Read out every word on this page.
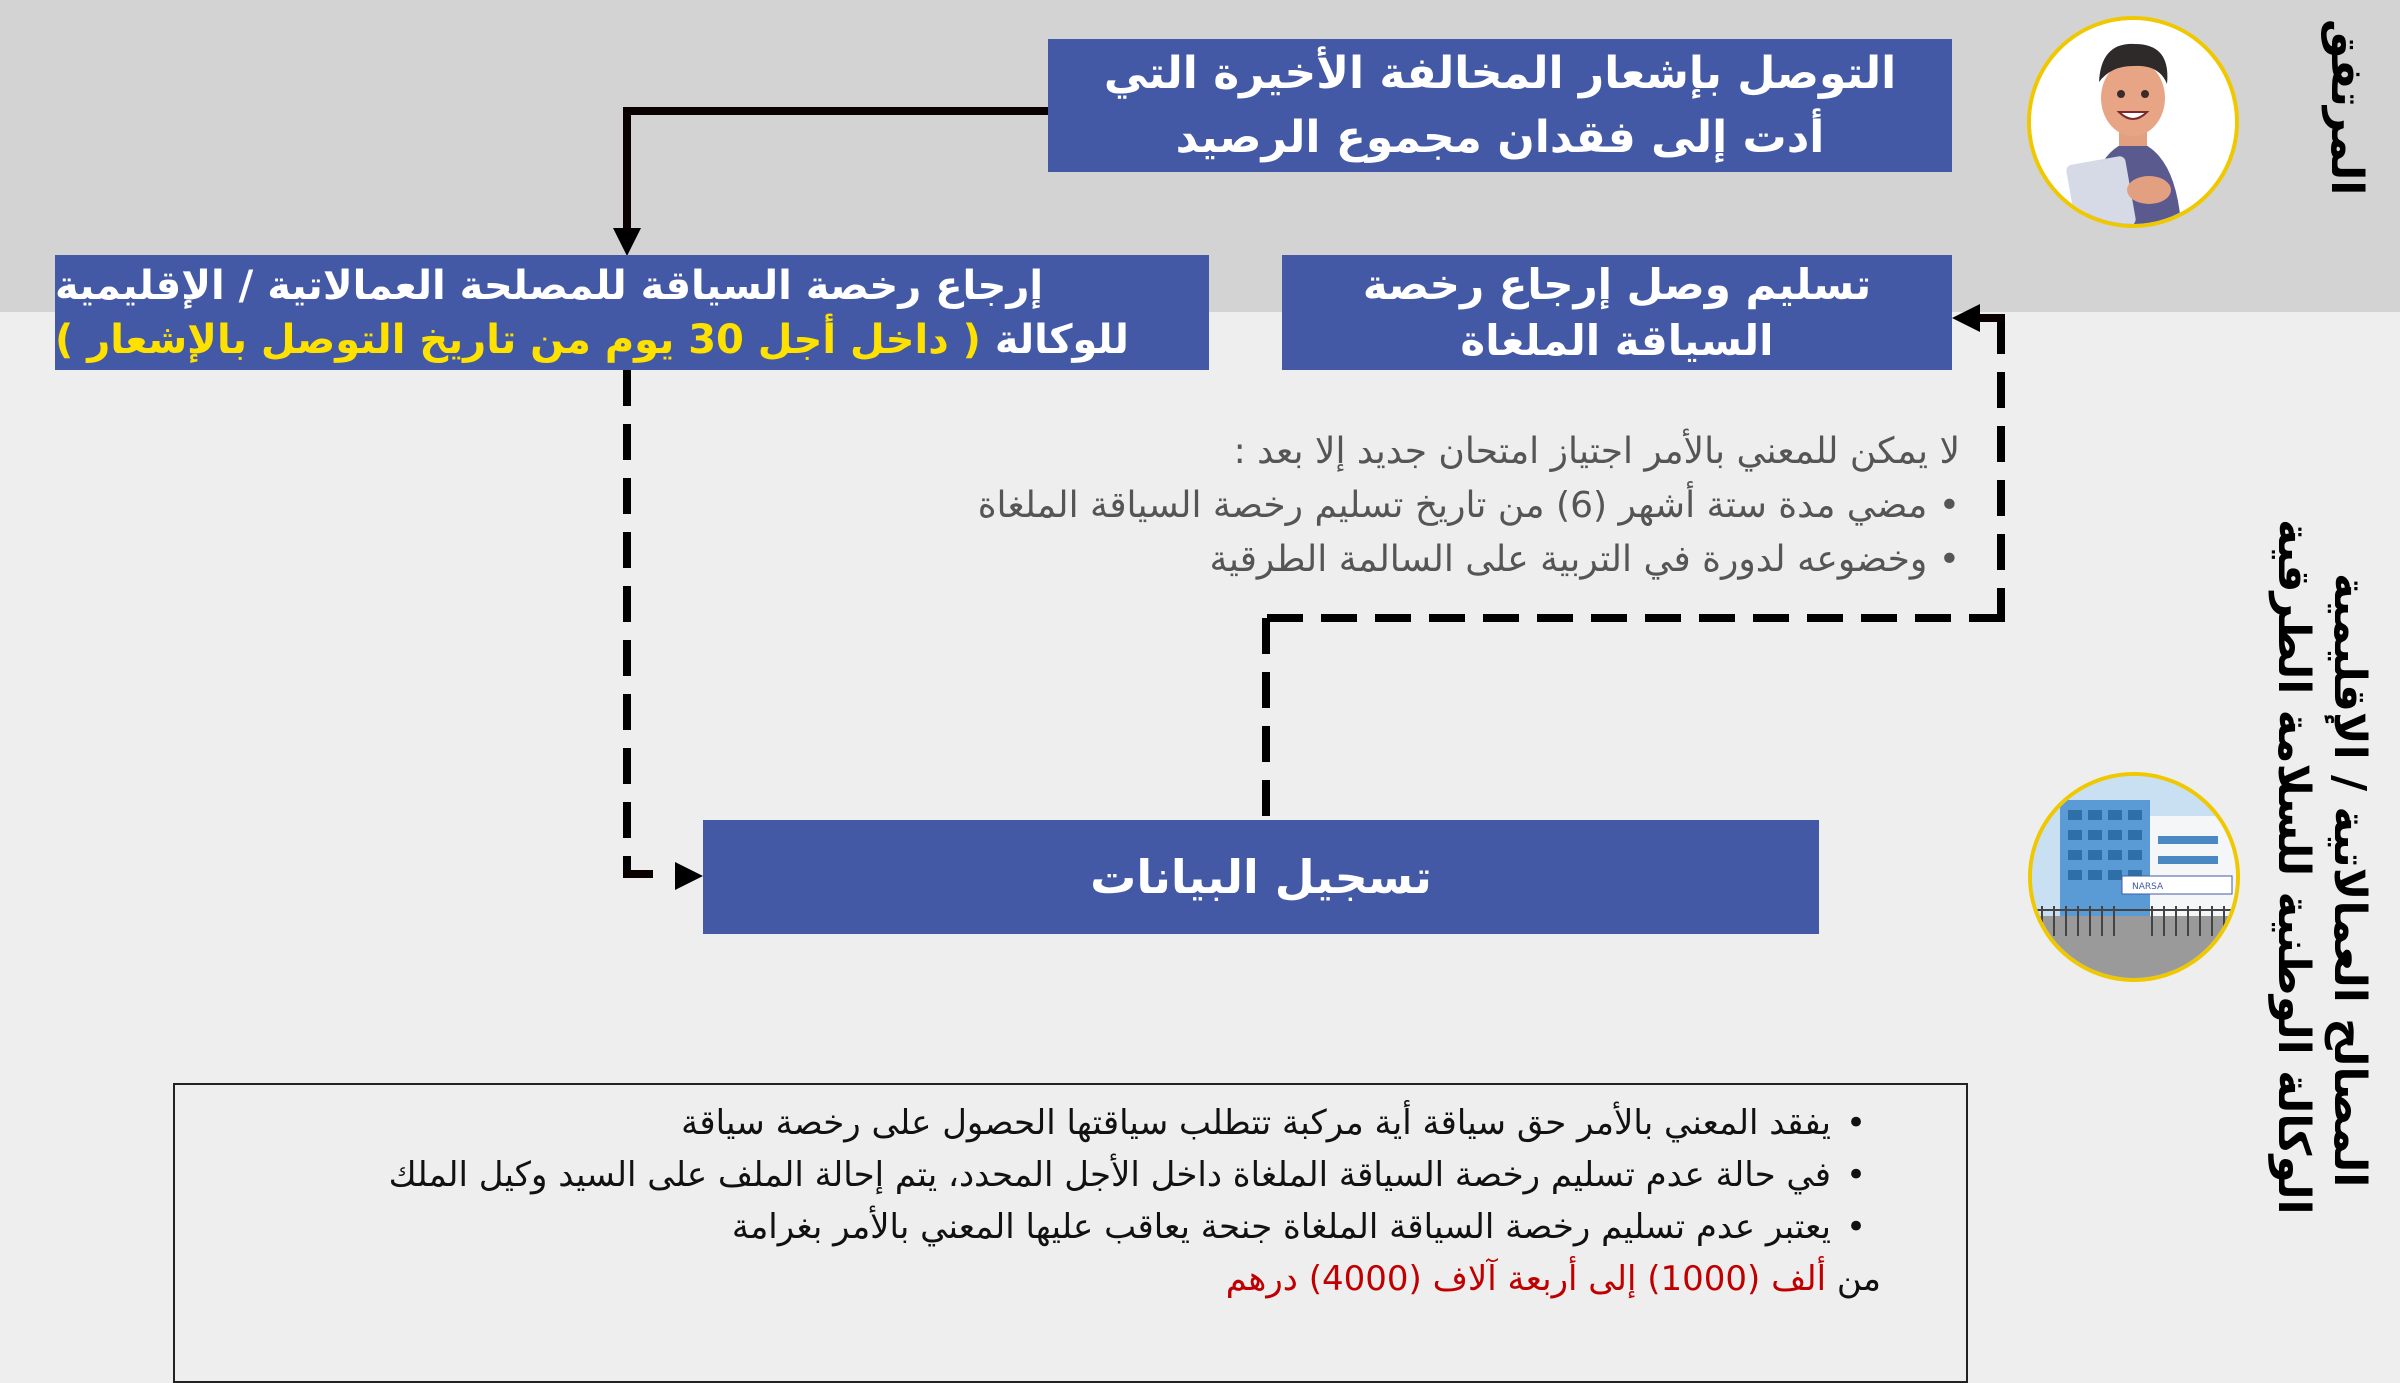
التوصل بإشعار المخالفة الأخيرة التي
أدت إلى فقدان مجموع الرصيد
إرجاع رخصة السياقة للمصلحة العمالاتية / الإقليمية
للوكالة ( داخل أجل 30 يوم من تاريخ التوصل بالإشعار )
تسليم وصل إرجاع رخصة
السياقة الملغاة
تسجيل البيانات
لا يمكن للمعني بالأمر اجتياز امتحان جديد إلا بعد :
• مضي مدة ستة أشهر (6) من تاريخ تسليم رخصة السياقة الملغاة
• وخضوعه لدورة في التربية على السالمة الطرقية
•يفقد المعني بالأمر حق سياقة أية مركبة تتطلب سياقتها الحصول على رخصة سياقة
•في حالة عدم تسليم رخصة السياقة الملغاة داخل الأجل المحدد، يتم إحالة الملف على السيد وكيل الملك
•يعتبر عدم تسليم رخصة السياقة الملغاة جنحة يعاقب عليها المعني بالأمر بغرامة
من ألف (1000) إلى أربعة آلاف (4000) درهم
المرتفق
NARSA	المصالح العمالاتية / الإقليمية
الوكالة الوطنية للسلامة الطرقية
